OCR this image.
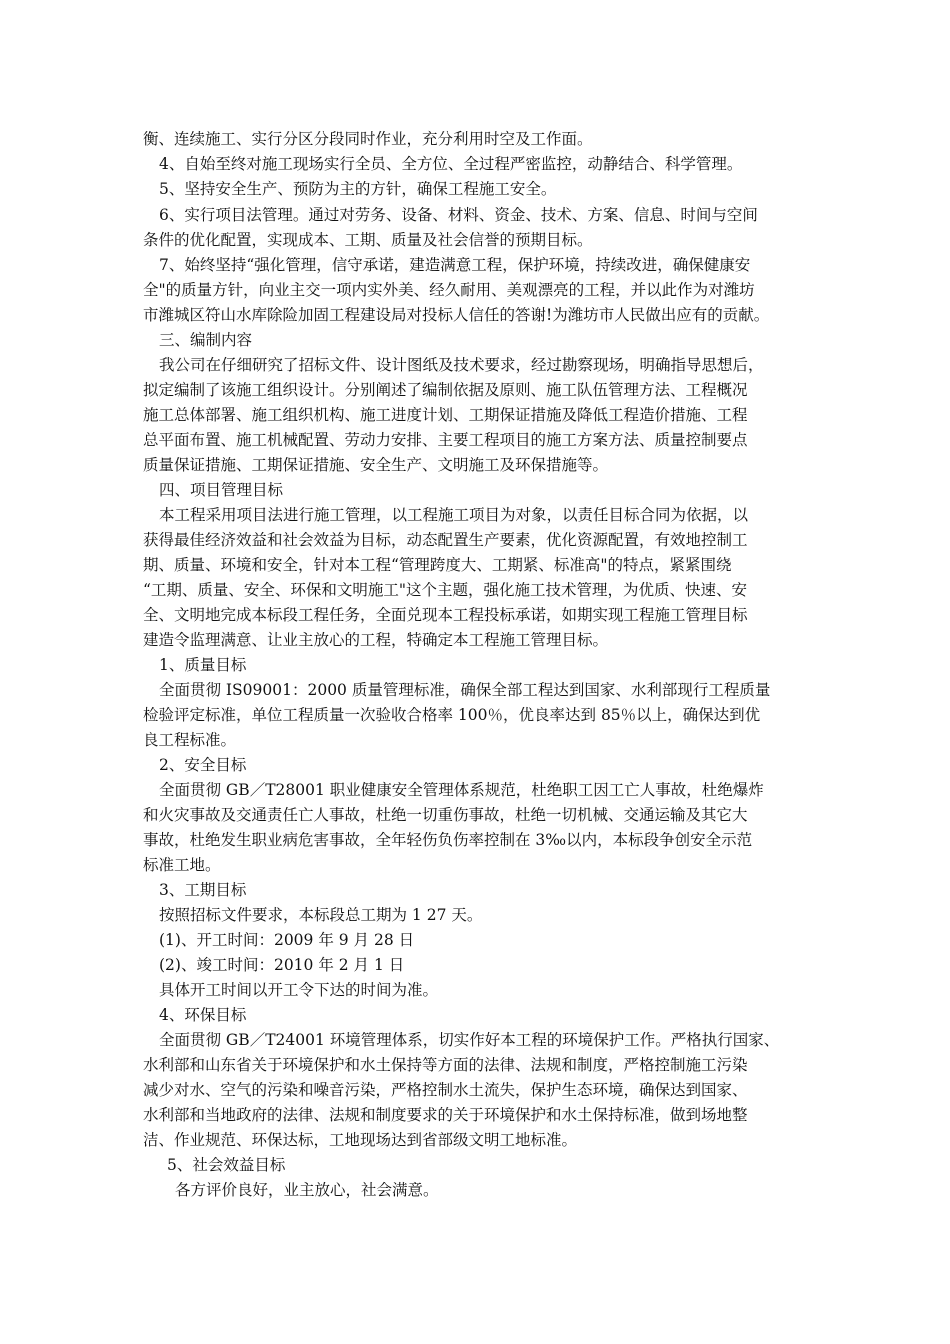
衡、连续施工、实行分区分段同时作业，充分利用时空及工作面。
4、自始至终对施工现场实行全员、全方位、全过程严密监控，动静结合、科学管理。
5、坚持安全生产、预防为主的方针，确保工程施工安全。
6、实行项目法管理。通过对劳务、设备、材料、资金、技术、方案、信息、时间与空间
条件的优化配置，实现成本、工期、质量及社会信誉的预期目标。
7、始终坚持“强化管理，信守承诺，建造满意工程，保护环境，持续改进，确保健康安
全"的质量方针，向业主交一项内实外美、经久耐用、美观漂亮的工程，并以此作为对潍坊
市潍城区符山水库除险加固工程建设局对投标人信任的答谢!为潍坊市人民做出应有的贡献。
三、编制内容
我公司在仔细研究了招标文件、设计图纸及技术要求，经过勘察现场，明确指导思想后，
拟定编制了该施工组织设计。分别阐述了编制依据及原则、施工队伍管理方法、工程概况
施工总体部署、施工组织机构、施工进度计划、工期保证措施及降低工程造价措施、工程
总平面布置、施工机械配置、劳动力安排、主要工程项目的施工方案方法、质量控制要点
质量保证措施、工期保证措施、安全生产、文明施工及环保措施等。
四、项目管理目标
本工程采用项目法进行施工管理，以工程施工项目为对象，以责任目标合同为依据，以
获得最佳经济效益和社会效益为目标，动态配置生产要素，优化资源配置，有效地控制工
期、质量、环境和安全，针对本工程“管理跨度大、工期紧、标准高"的特点，紧紧围绕
“工期、质量、安全、环保和文明施工"这个主题，强化施工技术管理，为优质、快速、安
全、文明地完成本标段工程任务，全面兑现本工程投标承诺，如期实现工程施工管理目标
建造令监理满意、让业主放心的工程，特确定本工程施工管理目标。
1、质量目标
全面贯彻 IS09001：2000 质量管理标准，确保全部工程达到国家、水利部现行工程质量
检验评定标准，单位工程质量一次验收合格率 100％，优良率达到 85％以上，确保达到优
良工程标准。
2、安全目标
全面贯彻 GB／T28001 职业健康安全管理体系规范，杜绝职工因工亡人事故，杜绝爆炸
和火灾事故及交通责任亡人事故，杜绝一切重伤事故，杜绝一切机械、交通运输及其它大
事故，杜绝发生职业病危害事故，全年轻伤负伤率控制在 3‰以内，本标段争创安全示范
标准工地。
3、工期目标
按照招标文件要求，本标段总工期为 1 27 天。
(1)、开工时间：2009 年 9 月 28 日
(2)、竣工时间：2010 年 2 月 1 日
具体开工时间以开工令下达的时间为准。
4、环保目标
全面贯彻 GB／T24001 环境管理体系，切实作好本工程的环境保护工作。严格执行国家、
水利部和山东省关于环境保护和水土保持等方面的法律、法规和制度，严格控制施工污染
减少对水、空气的污染和噪音污染，严格控制水土流失，保护生态环境，确保达到国家、
水利部和当地政府的法律、法规和制度要求的关于环境保护和水土保持标准，做到场地整
洁、作业规范、环保达标，工地现场达到省部级文明工地标准。
5、社会效益目标
各方评价良好，业主放心，社会满意。
